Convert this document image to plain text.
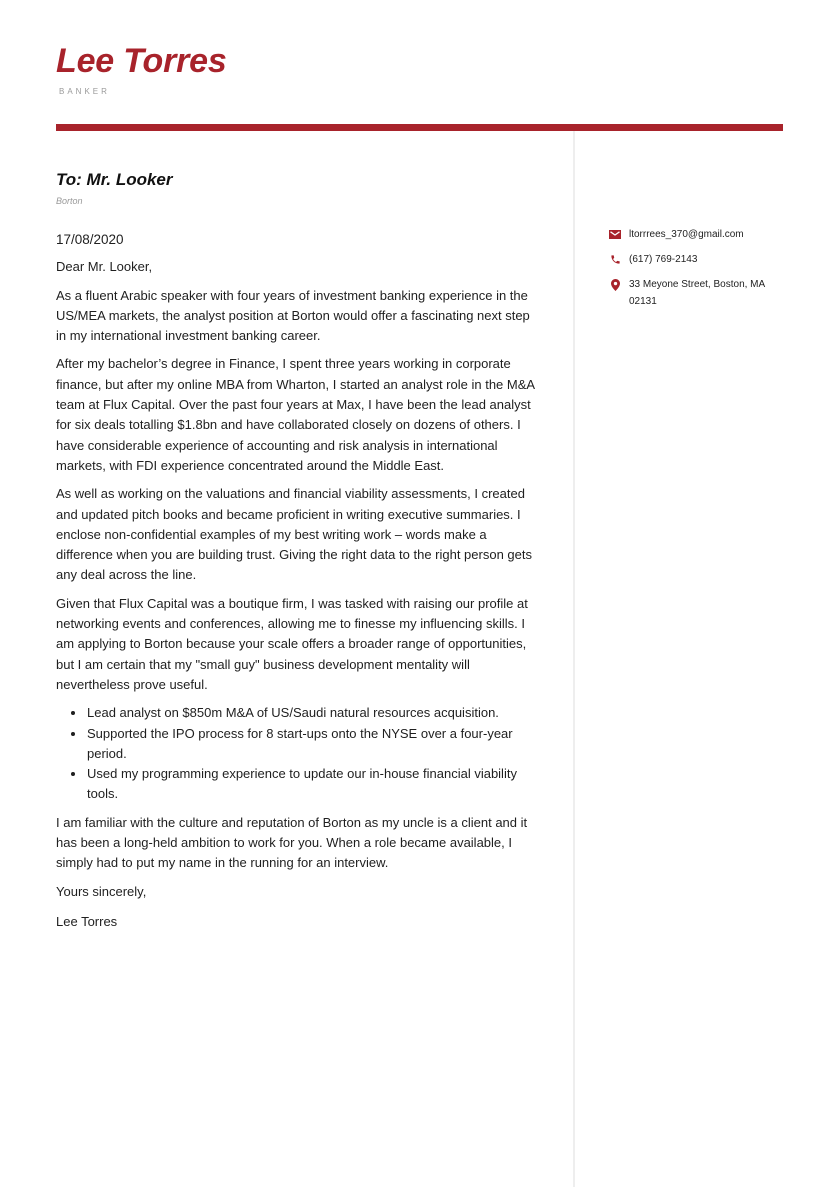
Lee Torres
BANKER

To: Mr. Looker

Borton

17/08/2020

Dear Mr. Looker,

As a fluent Arabic speaker with four years of investment banking experience in the US/MEA markets, the analyst position at Borton would offer a fascinating next step in my international investment banking career.

After my bachelor’s degree in Finance, I spent three years working in corporate finance, but after my online MBA from Wharton, I started an analyst role in the M&A team at Flux Capital. Over the past four years at Max, I have been the lead analyst for six deals totalling $1.8bn and have collaborated closely on dozens of others. I have considerable experience of accounting and risk analysis in international markets, with FDI experience concentrated around the Middle East.

As well as working on the valuations and financial viability assessments, I created and updated pitch books and became proficient in writing executive summaries. I enclose non-confidential examples of my best writing work – words make a difference when you are building trust. Giving the right data to the right person gets any deal across the line.

Given that Flux Capital was a boutique firm, I was tasked with raising our profile at networking events and conferences, allowing me to finesse my influencing skills. I am applying to Borton because your scale offers a broader range of opportunities, but I am certain that my "small guy" business development mentality will nevertheless prove useful.

• Lead analyst on $850m M&A of US/Saudi natural resources acquisition.
• Supported the IPO process for 8 start-ups onto the NYSE over a four-year period.
• Used my programming experience to update our in-house financial viability tools.

I am familiar with the culture and reputation of Borton as my uncle is a client and it has been a long-held ambition to work for you. When a role became available, I simply had to put my name in the running for an interview.

Yours sincerely,

Lee Torres

ltorrrees_370@gmail.com
(617) 769-2143
33 Meyone Street, Boston, MA 02131
